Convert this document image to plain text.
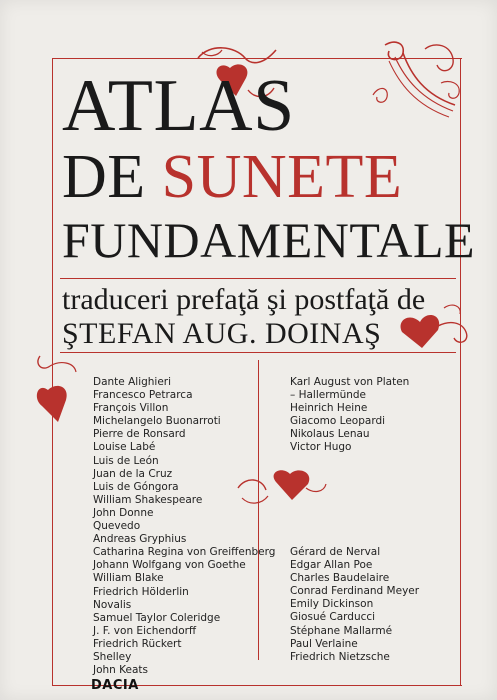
ATLAS
DE SUNETE
FUNDAMENTALE
traduceri prefaţă şi postfaţă de
ŞTEFAN AUG. DOINAŞ
Dante Alighieri
Francesco Petrarca
François Villon
Michelangelo Buonarroti
Pierre de Ronsard
Louise Labé
Luis de León
Juan de la Cruz
Luis de Góngora
William Shakespeare
John Donne
Quevedo
Andreas Gryphius
Catharina Regina von Greiffenberg
Johann Wolfgang von Goethe
William Blake
Friedrich Hölderlin
Novalis
Samuel Taylor Coleridge
J. F. von Eichendorff
Friedrich Rückert
Shelley
John Keats
Karl August von Platen
– Hallermünde
Heinrich Heine
Giacomo Leopardi
Nikolaus Lenau
Victor Hugo
Gérard de Nerval
Edgar Allan Poe
Charles Baudelaire
Conrad Ferdinand Meyer
Emily Dickinson
Giosué Carducci
Stéphane Mallarmé
Paul Verlaine
Friedrich Nietzsche
DACIA
